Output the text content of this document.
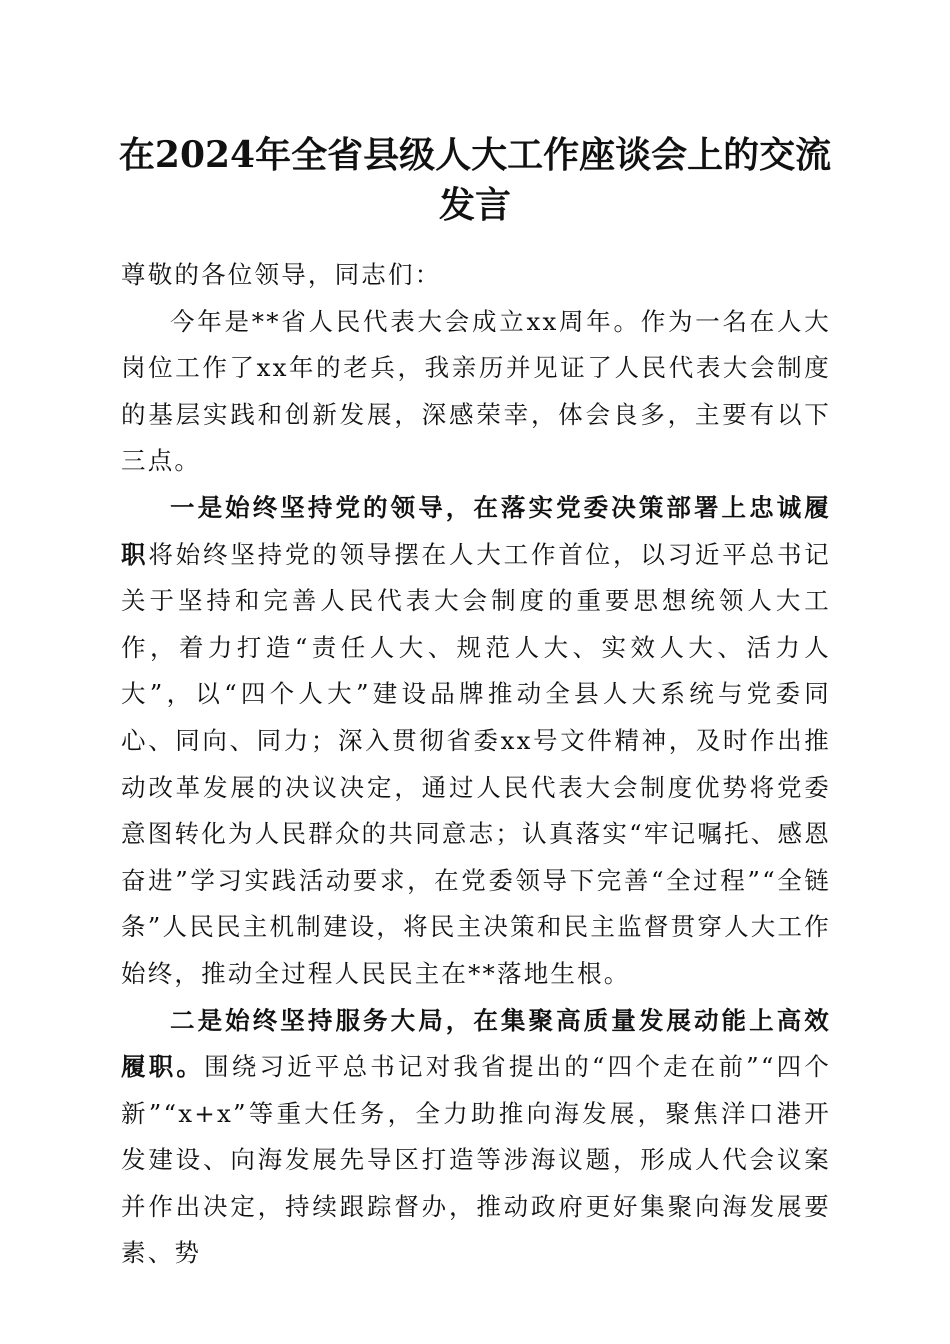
在2024年全省县级人大工作座谈会上的交流发言

尊敬的各位领导，同志们：

今年是**省人民代表大会成立xx周年。作为一名在人大岗位工作了xx年的老兵，我亲历并见证了人民代表大会制度的基层实践和创新发展，深感荣幸，体会良多，主要有以下三点。

一是始终坚持党的领导，在落实党委决策部署上忠诚履职将始终坚持党的领导摆在人大工作首位，以习近平总书记关于坚持和完善人民代表大会制度的重要思想统领人大工作，着力打造“责任人大、规范人大、实效人大、活力人大”，以“四个人大”建设品牌推动全县人大系统与党委同心、同向、同力；深入贯彻省委xx号文件精神，及时作出推动改革发展的决议决定，通过人民代表大会制度优势将党委意图转化为人民群众的共同意志；认真落实“牢记嘱托、感恩奋进”学习实践活动要求，在党委领导下完善“全过程”“全链条”人民民主机制建设，将民主决策和民主监督贯穿人大工作始终，推动全过程人民民主在**落地生根。

二是始终坚持服务大局，在集聚高质量发展动能上高效履职。围绕习近平总书记对我省提出的“四个走在前”“四个新”“x+x”等重大任务，全力助推向海发展，聚焦洋口港开发建设、向海发展先导区打造等涉海议题，形成人代会议案并作出决定，持续跟踪督办，推动政府更好集聚向海发展要素、势
